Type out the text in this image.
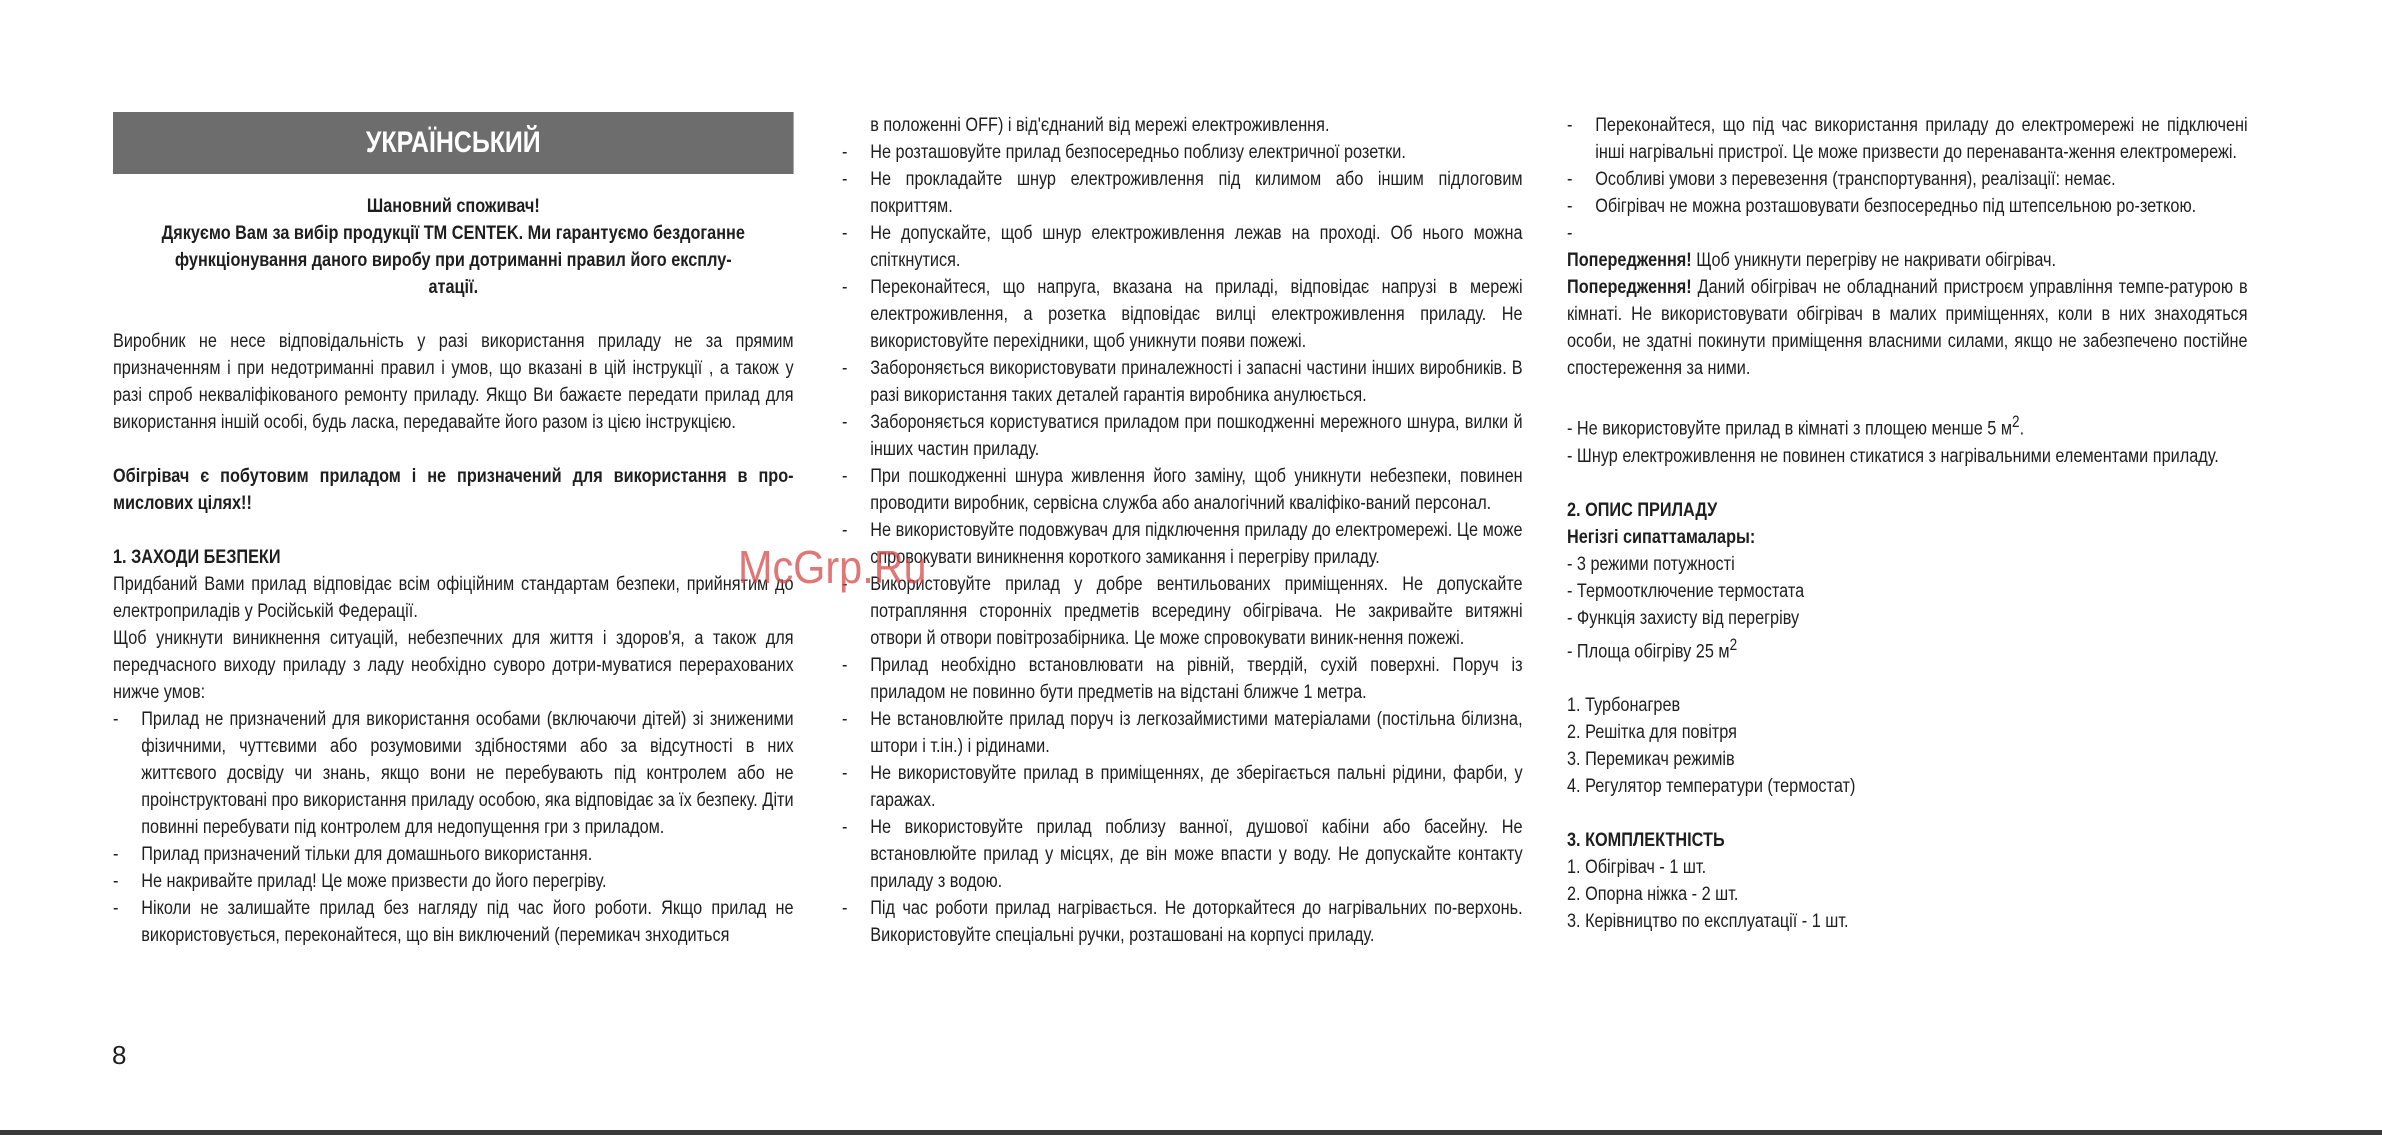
УКРАЇНСЬКИЙ
Шановний споживач!
Дякуємо Вам за вибір продукції ТМ CENTEK. Ми гарантуємо бездоганне
функціонування даного виробу при дотриманні правил його експлу-
атації.

Виробник не несе відповідальність у разі використання приладу не за прямим призначенням і при недотриманні правил і умов, що вказані в цій інструкції , а також у разі спроб некваліфікованого ремонту приладу. Якщо Ви бажаєте передати прилад для використання іншій особі, будь ласка, передавайте його разом із цією інструкцією.

Обігрівач є побутовим приладом і не призначений для використання в про-мислових цілях!!

1. ЗАХОДИ БЕЗПЕКИ

Придбаний Вами прилад відповідає всім офіційним стандартам безпеки, прийнятим до електроприладів у Російській Федерації.

Щоб уникнути виникнення ситуацій, небезпечних для життя і здоров'я, а також для передчасного виходу приладу з ладу необхідно суворо дотри-муватися перерахованих нижче умов:

- Прилад не призначений для використання особами (включаючи дітей) зі зниженими фізичними, чуттєвими або розумовими здібностями або за відсутності в них життєвого досвіду чи знань, якщо вони не перебувають під контролем або не проінструктовані про використання приладу особою, яка відповідає за їх безпеку. Діти повинні перебувати під контролем для недопущення гри з приладом.
- Прилад призначений тільки для домашнього використання.
- Не накривайте прилад! Це може призвести до його перегріву.
- Ніколи не залишайте прилад без нагляду під час його роботи. Якщо прилад не використовується, переконайтеся, що він виключений (перемикач знходиться
в положенні OFF) і від'єднаний від мережі електроживлення.
- Не розташовуйте прилад безпосередньо поблизу електричної розетки.
- Не прокладайте шнур електроживлення під килимом або іншим підлоговим покриттям.
- Не допускайте, щоб шнур електроживлення лежав на проході. Об нього можна спіткнутися.
- Переконайтеся, що напруга, вказана на приладі, відповідає напрузі в мережі електроживлення, а розетка відповідає вилці електроживлення приладу. Не використовуйте перехідники, щоб уникнути появи пожежі.
- Забороняється використовувати приналежності і запасні частини інших виробників. В разі використання таких деталей гарантія виробника анулюється.
- Забороняється користуватися приладом при пошкодженні мережного шнура, вилки й інших частин приладу.
- При пошкодженні шнура живлення його заміну, щоб уникнути небезпеки, повинен проводити виробник, сервісна служба або аналогічний кваліфіко-ваний персонал.
- Не використовуйте подовжувач для підключення приладу до електромережі. Це може спровокувати виникнення короткого замикання і перегріву приладу.
- Використовуйте прилад у добре вентильованих приміщеннях. Не допускайте потрапляння сторонніх предметів всередину обігрівача. Не закривайте витяжні отвори й отвори повітрозабірника. Це може спровокувати виник-нення пожежі.
- Прилад необхідно встановлювати на рівній, твердій, сухій поверхні. Поруч із приладом не повинно бути предметів на відстані ближче 1 метра.
- Не встановлюйте прилад поруч із легкозаймистими матеріалами (постільна білизна, штори і т.ін.) і рідинами.
- Не використовуйте прилад в приміщеннях, де зберігається пальні рідини, фарби, у гаражах.
- Не використовуйте прилад поблизу ванної, душової кабіни або басейну. Не встановлюйте прилад у місцях, де він може впасти у воду. Не допускайте контакту приладу з водою.
- Під час роботи прилад нагрівається. Не доторкайтеся до нагрівальних по-верхонь. Використовуйте спеціальні ручки, розташовані на корпусі приладу.
- Переконайтеся, що під час використання приладу до електромережі не підключені інші нагрівальні пристрої. Це може призвести до перенаванта-ження електромережі.
- Особливі умови з перевезення (транспортування), реалізації: немає.
- Обігрівач не можна розташовувати безпосередньо під штепсельною ро-зеткою.
-

Попередження! Щоб уникнути перегріву не накривати обігрівач.

Попередження! Даний обігрівач не обладнаний пристроєм управління темпе-ратурою в кімнаті. Не використовувати обігрівач в малих приміщеннях, коли в них знаходяться особи, не здатні покинути приміщення власними силами, якщо не забезпечено постійне спостереження за ними.

- Не використовуйте прилад в кімнаті з площею менше 5 $м^2$.

- Шнур електроживлення не повинен стикатися з нагрівальними елементами приладу.

2. ОПИС ПРИЛАДУ
Негізгі сипаттамалары:
- 3 режими потужності
- Термоотключение термостата
- Функція захисту від перегріву
- Площа обігріву 25 $м^2$
1. Турбонагрев
2. Решітка для повітря
3. Перемикач режимів
4. Регулятор температури (термостат)
3. КОМПЛЕКТНІСТЬ
1. Обігрівач - 1 шт.
2. Опорна ніжка - 2 шт.
3. Керівництво по експлуатації - 1 шт.
McGrp.Ru
8
